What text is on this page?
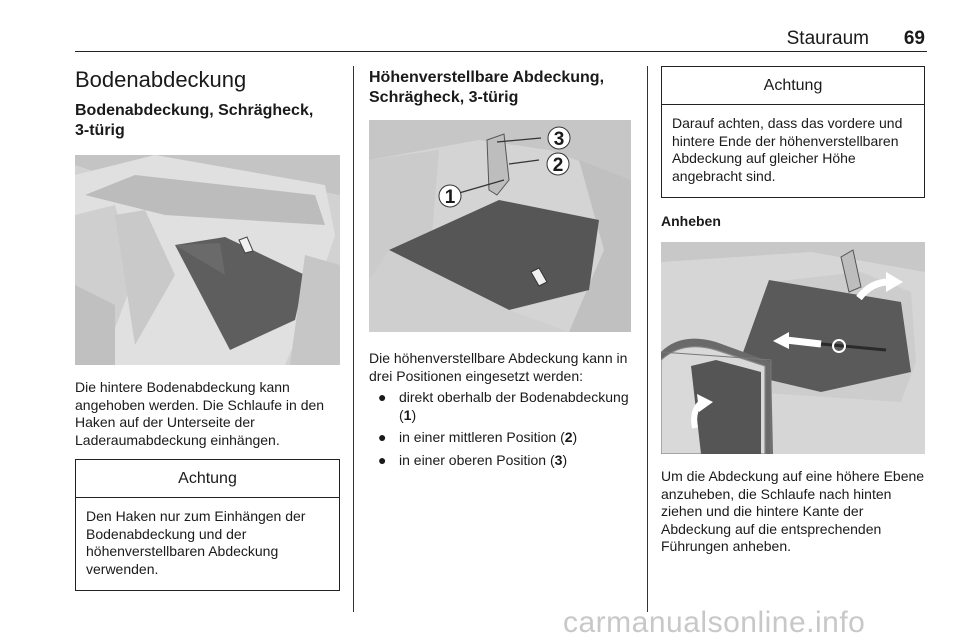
Stauraum 69
Bodenabdeckung
Bodenabdeckung, Schrägheck, 3-türig

Die hintere Bodenabdeckung kann angehoben werden. Die Schlaufe in den Haken auf der Unterseite der Laderaumabdeckung einhängen.

Achtung
Den Haken nur zum Einhängen der Bodenabdeckung und der höhenverstellbaren Abdeckung verwenden.
Höhenverstellbare Abdeckung, Schrägheck, 3-türig
1
2
3

Die höhenverstellbare Abdeckung kann in drei Positionen eingesetzt werden:

● direkt oberhalb der Bodenabdeckung (1)
● in einer mittleren Position (2)
● in einer oberen Position (3)
Achtung
Darauf achten, dass das vordere und hintere Ende der höhenverstellbaren Abdeckung auf gleicher Höhe angebracht sind.
Anheben

Um die Abdeckung auf eine höhere Ebene anzuheben, die Schlaufe nach hinten ziehen und die hintere Kante der Abdeckung auf die entsprechenden Führungen anheben.

carmanualsonline.info
